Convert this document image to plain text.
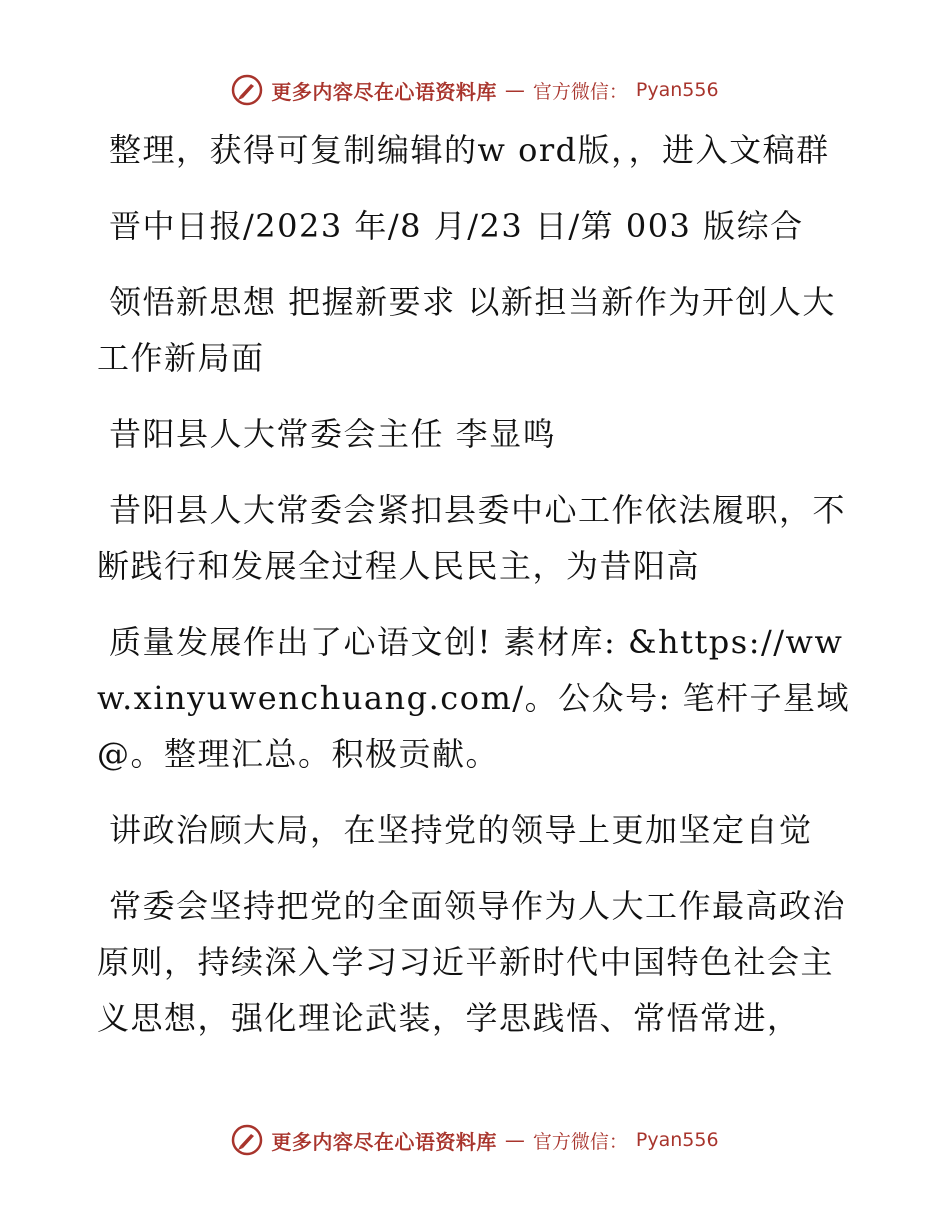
更多内容尽在心语资料库 — 官方微信： Pyan556

整理，获得可复制编辑的w ord版，，进入文稿群

晋中日报/2023 年/8 月/23 日/第 003 版综合

领悟新思想 把握新要求 以新担当新作为开创人大工作新局面

昔阳县人大常委会主任 李显鸣

昔阳县人大常委会紧扣县委中心工作依法履职，不断践行和发展全过程人民民主，为昔阳高

质量发展作出了心语文创! 素材库: &https://www.xinyuwenchuang.com/。公众号: 笔杆子星域@。整理汇总。积极贡献。

讲政治顾大局，在坚持党的领导上更加坚定自觉

常委会坚持把党的全面领导作为人大工作最高政治原则，持续深入学习习近平新时代中国特色社会主义思想，强化理论武装，学思践悟、常悟常进，

更多内容尽在心语资料库 — 官方微信： Pyan556
